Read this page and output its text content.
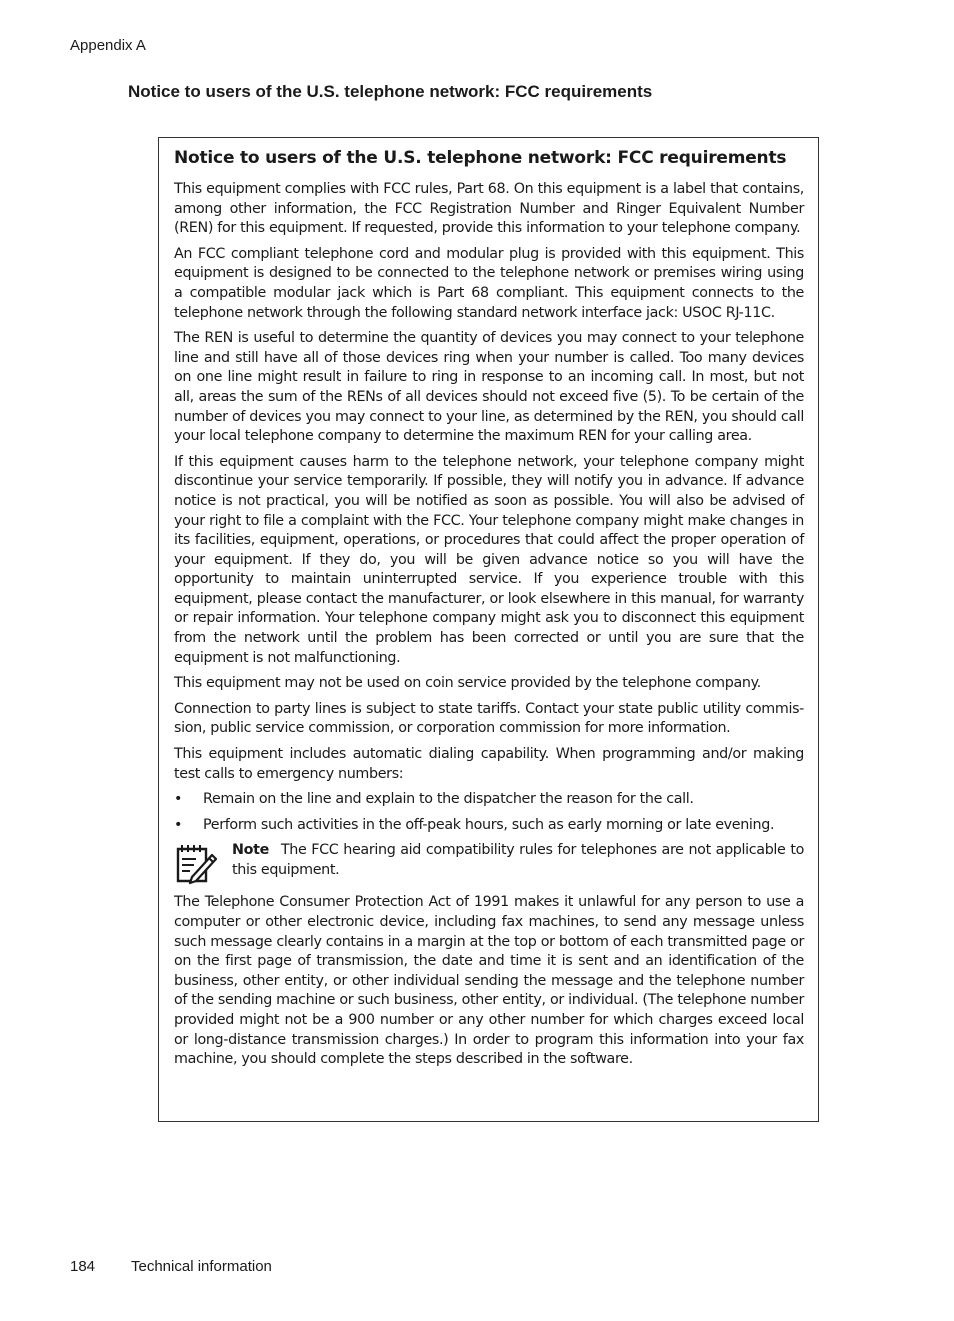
Appendix A
Notice to users of the U.S. telephone network: FCC requirements
Notice to users of the U.S. telephone network: FCC requirements

This equipment complies with FCC rules, Part 68. On this equipment is a label that contains, among other information, the FCC Registration Number and Ringer Equivalent Number (REN) for this equipment. If requested, provide this information to your telephone company.

An FCC compliant telephone cord and modular plug is provided with this equipment. This equipment is designed to be connected to the telephone network or premises wiring using a compatible modular jack which is Part 68 compliant. This equipment connects to the telephone network through the following standard network interface jack: USOC RJ-11C.

The REN is useful to determine the quantity of devices you may connect to your telephone line and still have all of those devices ring when your number is called. Too many devices on one line might result in failure to ring in response to an incoming call. In most, but not all, areas the sum of the RENs of all devices should not exceed five (5). To be certain of the number of devices you may connect to your line, as determined by the REN, you should call your local telephone company to determine the maximum REN for your calling area.

If this equipment causes harm to the telephone network, your telephone company might discontinue your service temporarily. If possible, they will notify you in advance. If advance notice is not practical, you will be notified as soon as possible. You will also be advised of your right to file a complaint with the FCC. Your telephone company might make changes in its facilities, equipment, operations, or procedures that could affect the proper operation of your equipment. If they do, you will be given advance notice so you will have the opportunity to maintain uninterrupted service. If you experience trouble with this equipment, please contact the manufacturer, or look elsewhere in this manual, for warranty or repair information. Your telephone company might ask you to disconnect this equipment from the network until the problem has been corrected or until you are sure that the equipment is not malfunctioning.

This equipment may not be used on coin service provided by the telephone company.

Connection to party lines is subject to state tariffs. Contact your state public utility commis-sion, public service commission, or corporation commission for more information.

This equipment includes automatic dialing capability. When programming and/or making test calls to emergency numbers:

• Remain on the line and explain to the dispatcher the reason for the call.
• Perform such activities in the off-peak hours, such as early morning or late evening.
Note The FCC hearing aid compatibility rules for telephones are not applicable to this equipment.

The Telephone Consumer Protection Act of 1991 makes it unlawful for any person to use a computer or other electronic device, including fax machines, to send any message unless such message clearly contains in a margin at the top or bottom of each transmitted page or on the first page of transmission, the date and time it is sent and an identification of the business, other entity, or other individual sending the message and the telephone number of the sending machine or such business, other entity, or individual. (The telephone number provided might not be a 900 number or any other number for which charges exceed local or long-distance transmission charges.) In order to program this information into your fax machine, you should complete the steps described in the software.

184 Technical information
